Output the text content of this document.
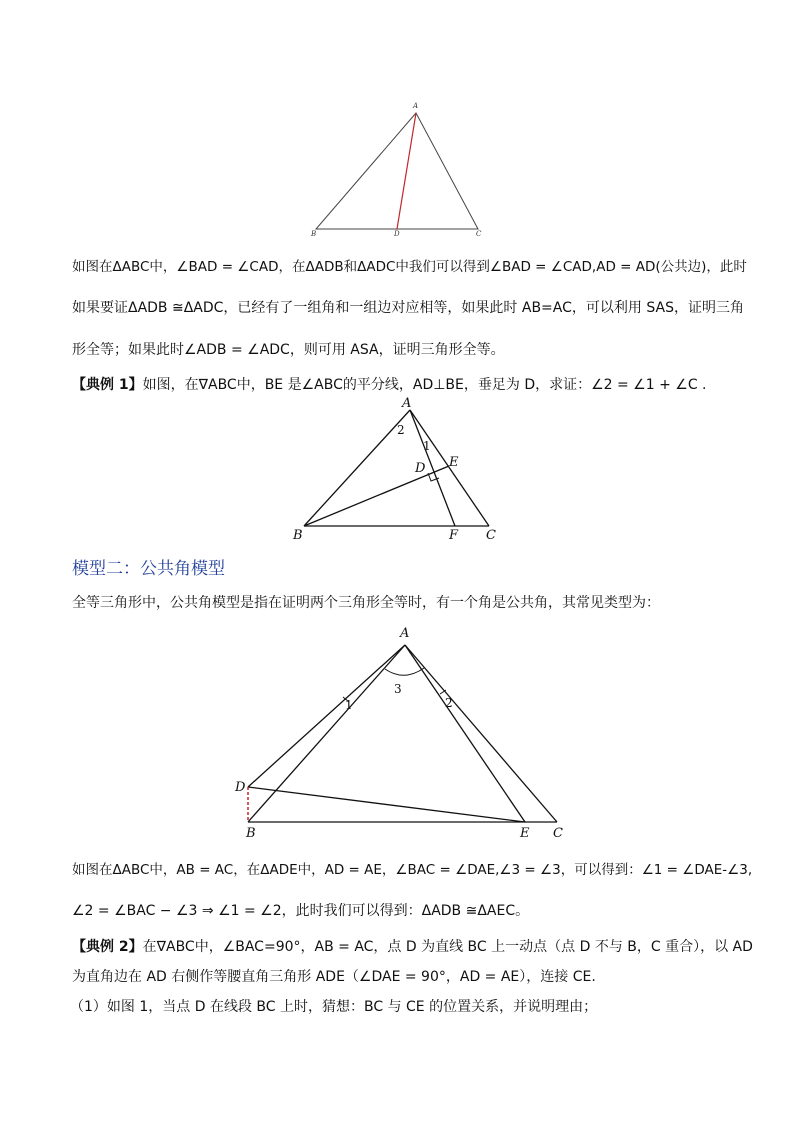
A
B	D	C
如图在ΔABC中，∠BAD = ∠CAD，在ΔADB和ΔADC中我们可以得到∠BAD = ∠CAD,AD = AD(公共边)，此时
如果要证ΔADB ≅ΔADC，已经有了一组角和一组边对应相等，如果此时 AB=AC，可以利用 SAS，证明三角
形全等；如果此时∠ADB = ∠ADC，则可用 ASA，证明三角形全等。
【典例 1】如图，在∇ABC中，BE 是∠ABC的平分线，AD⊥BE，垂足为 D，求证：∠2 = ∠1 + ∠C .
A
2
1
D E
B	F C
模型二：公共角模型
全等三角形中，公共角模型是指在证明两个三角形全等时，有一个角是公共角，其常见类型为：
A
1
3
2
D
B	E C
如图在ΔABC中，AB = AC，在ΔADE中，AD = AE，∠BAC = ∠DAE,∠3 = ∠3，可以得到：∠1 = ∠DAE-∠3,
∠2 = ∠BAC − ∠3 ⇒ ∠1 = ∠2，此时我们可以得到：ΔADB ≅ΔAEC。
【典例 2】在∇ABC中，∠BAC=90°，AB = AC，点 D 为直线 BC 上一动点（点 D 不与 B，C 重合），以 AD
为直角边在 AD 右侧作等腰直角三角形 ADE（∠DAE = 90°，AD = AE），连接 CE.
（1）如图 1，当点 D 在线段 BC 上时，猜想：BC 与 CE 的位置关系，并说明理由；
